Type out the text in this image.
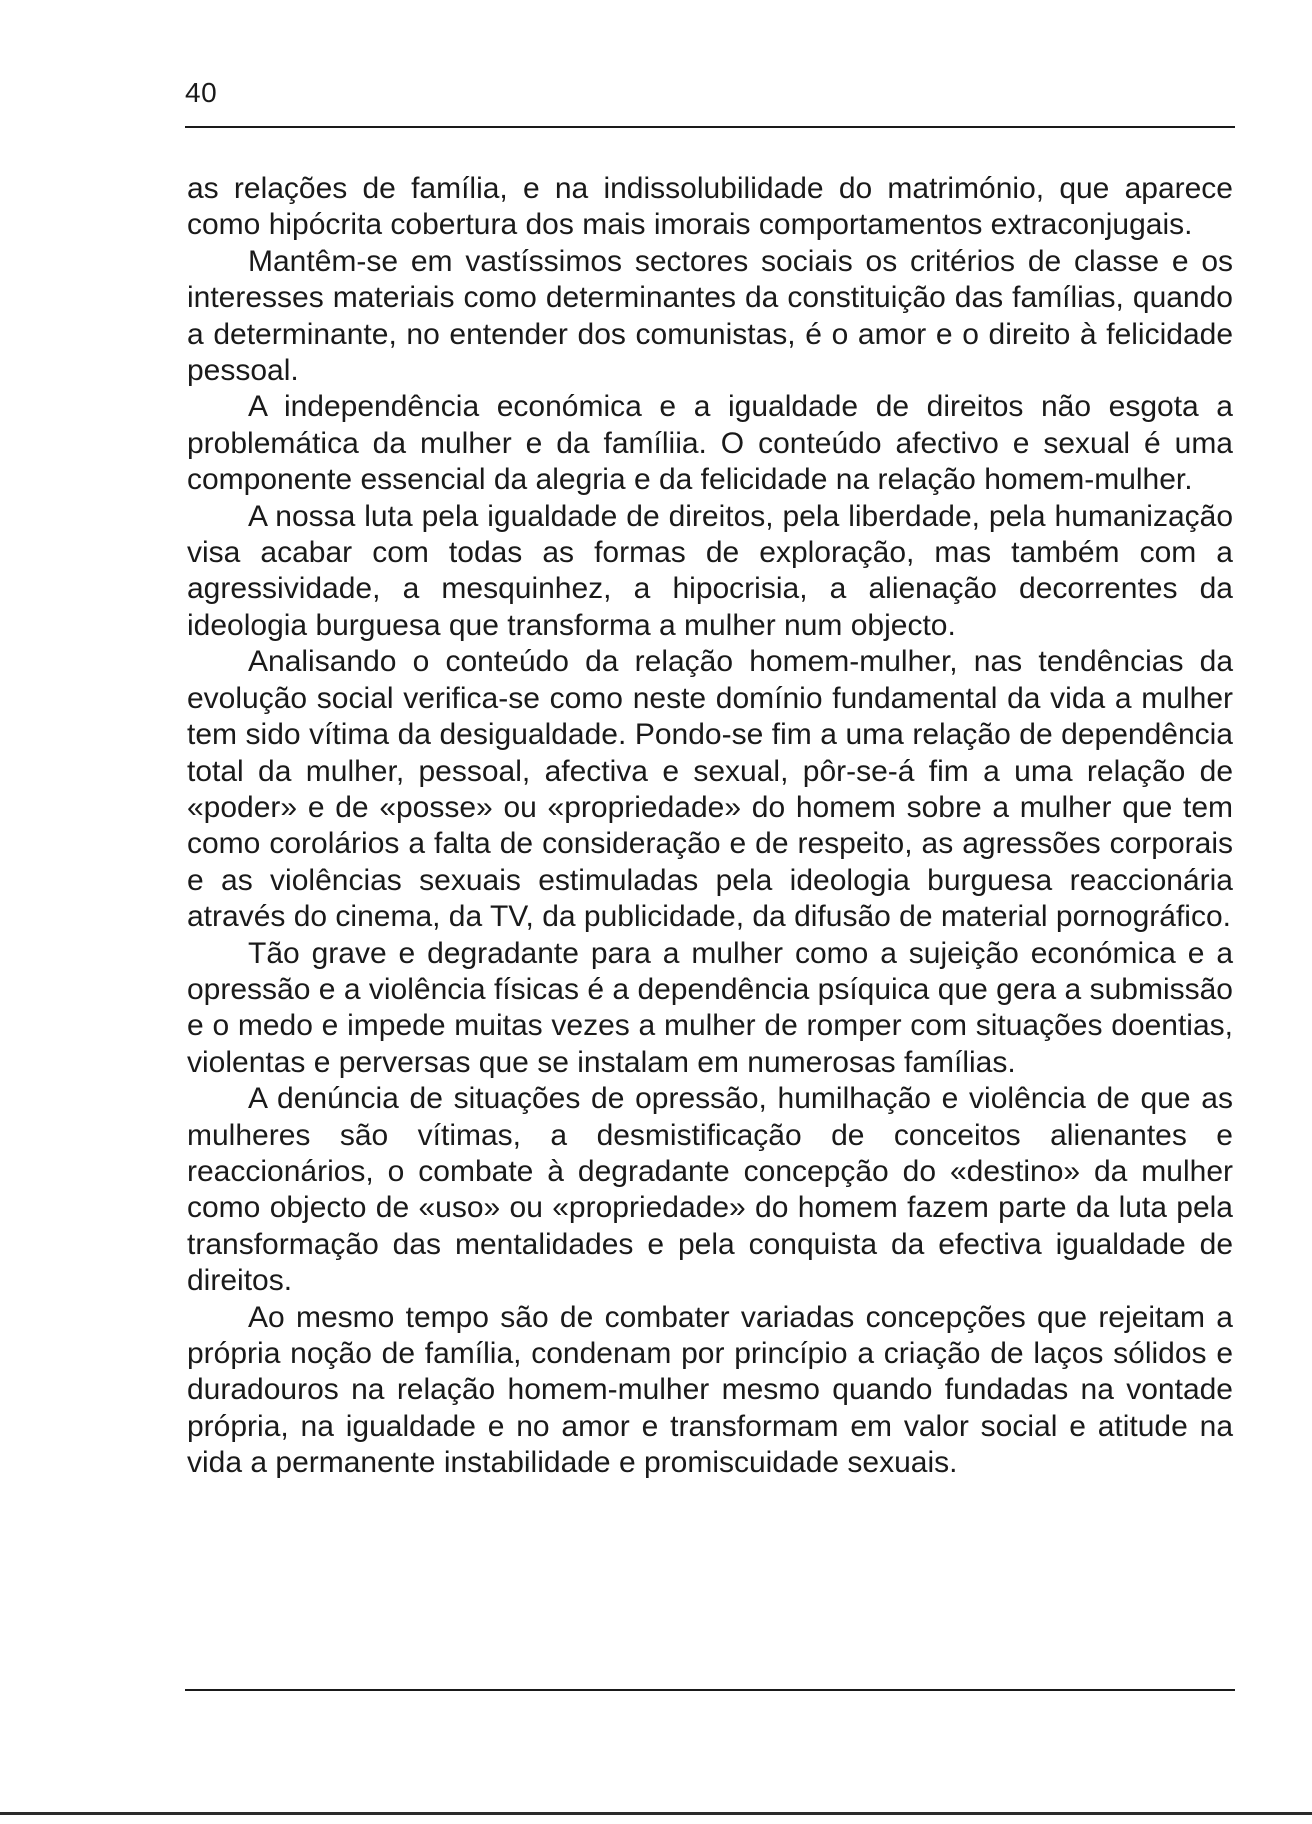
40

as relações de família, e na indissolubilidade do matrimónio, que aparece como hipócrita cobertura dos mais imorais comportamentos extraconjugais.

Mantêm-se em vastíssimos sectores sociais os critérios de classe e os interesses materiais como determinantes da constituição das famílias, quando a determinante, no entender dos comunistas, é o amor e o direito à felicidade pessoal.

A independência económica e a igualdade de direitos não esgota a problemática da mulher e da famíliia. O conteúdo afectivo e sexual é uma componente essencial da alegria e da felicidade na relação homem-mulher.

A nossa luta pela igualdade de direitos, pela liberdade, pela humanização visa acabar com todas as formas de exploração, mas também com a agressividade, a mesquinhez, a hipocrisia, a alienação decorrentes da ideologia burguesa que transforma a mulher num objecto.

Analisando o conteúdo da relação homem-mulher, nas tendências da evolução social verifica-se como neste domínio fundamental da vida a mulher tem sido vítima da desigualdade. Pondo-se fim a uma relação de dependência total da mulher, pessoal, afectiva e sexual, pôr-se-á fim a uma relação de «poder» e de «posse» ou «propriedade» do homem sobre a mulher que tem como corolários a falta de consideração e de respeito, as agressões corporais e as violências sexuais estimuladas pela ideologia burguesa reaccionária através do cinema, da TV, da publicidade, da difusão de material pornográfico.

Tão grave e degradante para a mulher como a sujeição económica e a opressão e a violência físicas é a dependência psíquica que gera a submissão e o medo e impede muitas vezes a mulher de romper com situações doentias, violentas e perversas que se instalam em numerosas famílias.

A denúncia de situações de opressão, humilhação e violência de que as mulheres são vítimas, a desmistificação de conceitos alienantes e reaccionários, o combate à degradante concepção do «destino» da mulher como objecto de «uso» ou «propriedade» do homem fazem parte da luta pela transformação das mentalidades e pela conquista da efectiva igualdade de direitos.

Ao mesmo tempo são de combater variadas concepções que rejeitam a própria noção de família, condenam por princípio a criação de laços sólidos e duradouros na relação homem-mulher mesmo quando fundadas na vontade própria, na igualdade e no amor e transformam em valor social e atitude na vida a permanente instabilidade e promiscuidade sexuais.
